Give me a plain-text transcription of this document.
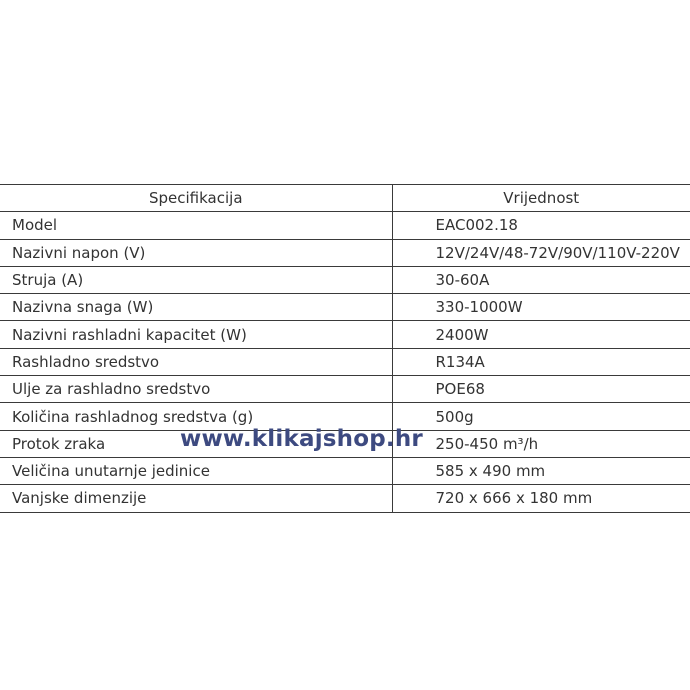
Specifikacija	Vrijednost
Model	EAC002.18
Nazivni napon (V)	12V/24V/48-72V/90V/110V-220V
Struja (A)	30-60A
Nazivna snaga (W)	330-1000W
Nazivni rashladni kapacitet (W)	2400W
Rashladno sredstvo	R134A
Ulje za rashladno sredstvo	POE68
Količina rashladnog sredstva (g)	500g
Protok zraka	250-450 m³/h
Veličina unutarnje jedinice	585 x 490 mm
Vanjske dimenzije	720 x 666 x 180 mm
www.klikajshop.hr
